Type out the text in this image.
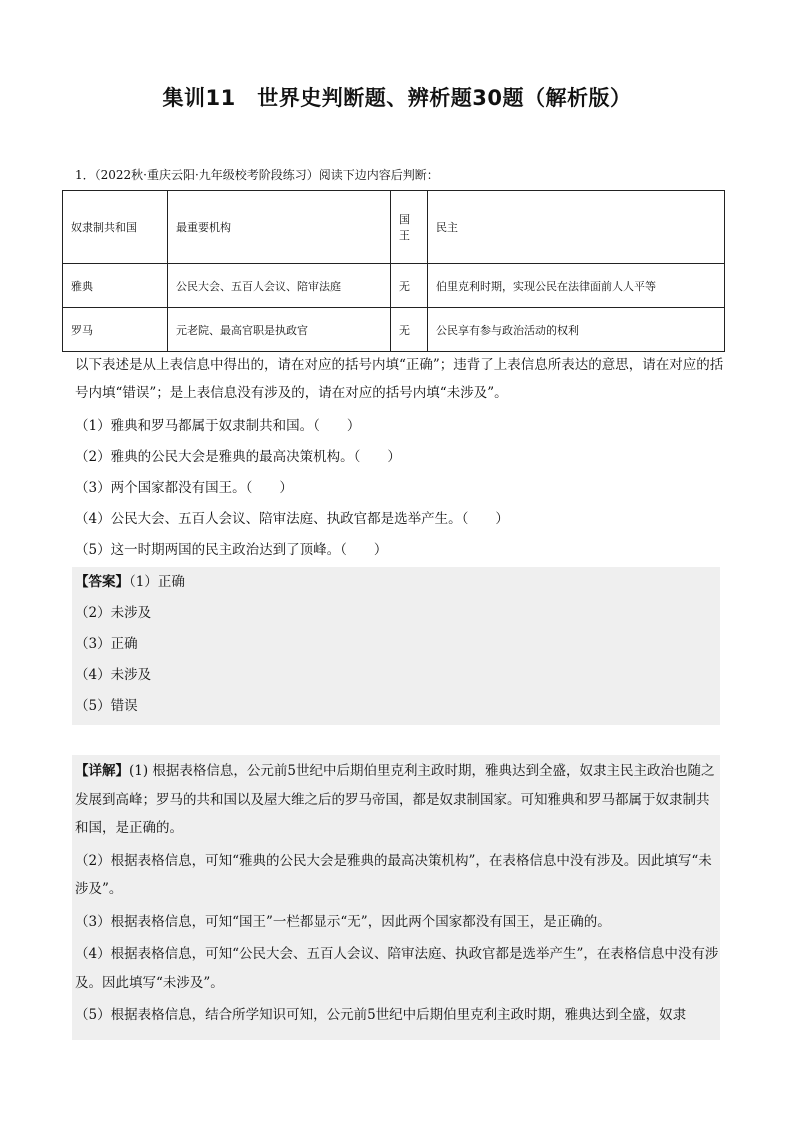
集训11　世界史判断题、辨析题30题（解析版）
1．（2022秋·重庆云阳·九年级校考阶段练习）阅读下边内容后判断：
奴隶制共和国	最重要机构	国王	民主
雅典	公民大会、五百人会议、陪审法庭	无	伯里克利时期，实现公民在法律面前人人平等
罗马	元老院、最高官职是执政官	无	公民享有参与政治活动的权利
以下表述是从上表信息中得出的，请在对应的括号内填“正确”；违背了上表信息所表达的意思，请在对应的括号内填“错误”；是上表信息没有涉及的，请在对应的括号内填“未涉及”。
（1）雅典和罗马都属于奴隶制共和国。（　　）
（2）雅典的公民大会是雅典的最高决策机构。（　　）
（3）两个国家都没有国王。（　　）
（4）公民大会、五百人会议、陪审法庭、执政官都是选举产生。（　　）
（5）这一时期两国的民主政治达到了顶峰。（　　）
【答案】（1）正确
（2）未涉及
（3）正确
（4）未涉及
（5）错误

【详解】(1) 根据表格信息，公元前5世纪中后期伯里克利主政时期，雅典达到全盛，奴隶主民主政治也随之发展到高峰；罗马的共和国以及屋大维之后的罗马帝国，都是奴隶制国家。可知雅典和罗马都属于奴隶制共和国，是正确的。

（2）根据表格信息，可知“雅典的公民大会是雅典的最高决策机构”，在表格信息中没有涉及。因此填写“未涉及”。

（3）根据表格信息，可知“国王”一栏都显示“无”，因此两个国家都没有国王，是正确的。

（4）根据表格信息，可知“公民大会、五百人会议、陪审法庭、执政官都是选举产生”，在表格信息中没有涉及。因此填写“未涉及”。

（5）根据表格信息，结合所学知识可知，公元前5世纪中后期伯里克利主政时期，雅典达到全盛，奴隶
